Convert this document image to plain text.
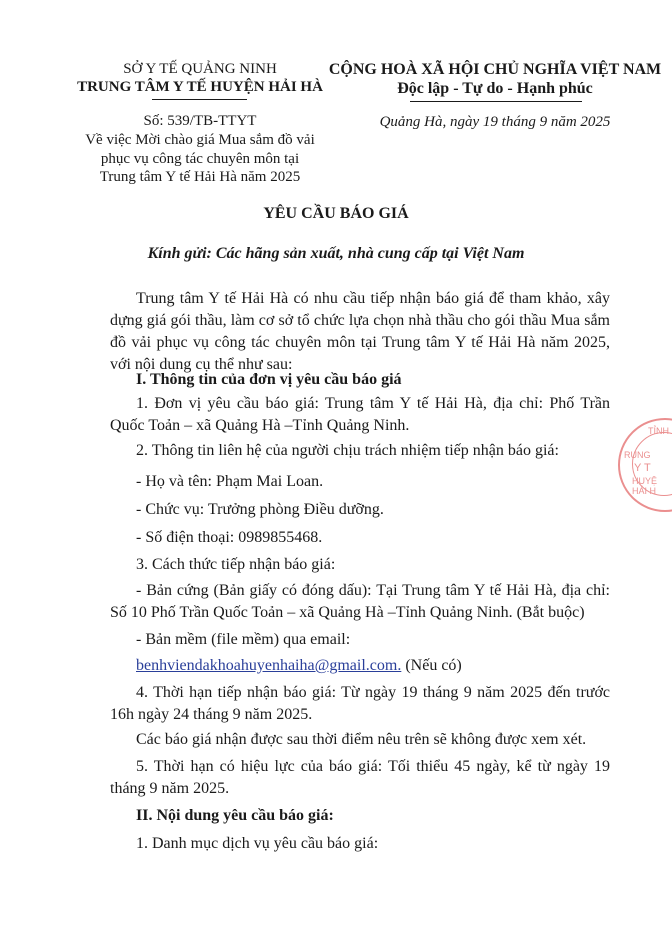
SỞ Y TẾ QUẢNG NINH
TRUNG TÂM Y TẾ HUYỆN HẢI HÀ
Số: 539/TB-TTYT
Về việc Mời chào giá Mua sắm đồ vải
phục vụ công tác chuyên môn tại
Trung tâm Y tế Hải Hà năm 2025
CỘNG HOÀ XÃ HỘI CHỦ NGHĨA VIỆT NAM
Độc lập - Tự do - Hạnh phúc
Quảng Hà, ngày 19 tháng 9 năm 2025
YÊU CẦU BÁO GIÁ
Kính gửi: Các hãng sản xuất, nhà cung cấp tại Việt Nam
Trung tâm Y tế Hải Hà có nhu cầu tiếp nhận báo giá để tham khảo, xây dựng giá gói thầu, làm cơ sở tổ chức lựa chọn nhà thầu cho gói thầu Mua sắm đồ vải phục vụ công tác chuyên môn tại Trung tâm Y tế Hải Hà năm 2025, với nội dung cụ thể như sau:
I. Thông tin của đơn vị yêu cầu báo giá
1. Đơn vị yêu cầu báo giá: Trung tâm Y tế Hải Hà, địa chỉ: Phố Trần Quốc Toản – xã Quảng Hà –Tỉnh Quảng Ninh.
2. Thông tin liên hệ của người chịu trách nhiệm tiếp nhận báo giá:
- Họ và tên: Phạm Mai Loan.
- Chức vụ: Trưởng phòng Điều dưỡng.
- Số điện thoại: 0989855468.
3. Cách thức tiếp nhận báo giá:
- Bản cứng (Bản giấy có đóng dấu): Tại Trung tâm Y tế Hải Hà, địa chỉ: Số 10 Phố Trần Quốc Toản – xã Quảng Hà –Tỉnh Quảng Ninh. (Bắt buộc)
- Bản mềm (file mềm) qua email:
benhviendakhoahuyenhaiha@gmail.com. (Nếu có)
4. Thời hạn tiếp nhận báo giá: Từ ngày 19 tháng 9 năm 2025 đến trước 16h ngày 24 tháng 9 năm 2025.
Các báo giá nhận được sau thời điểm nêu trên sẽ không được xem xét.
5. Thời hạn có hiệu lực của báo giá: Tối thiểu 45 ngày, kể từ ngày 19 tháng 9 năm 2025.
II. Nội dung yêu cầu báo giá:
1. Danh mục dịch vụ yêu cầu báo giá:
TỈNH
RUNG
Y T
HUYỆ
HẢI H
